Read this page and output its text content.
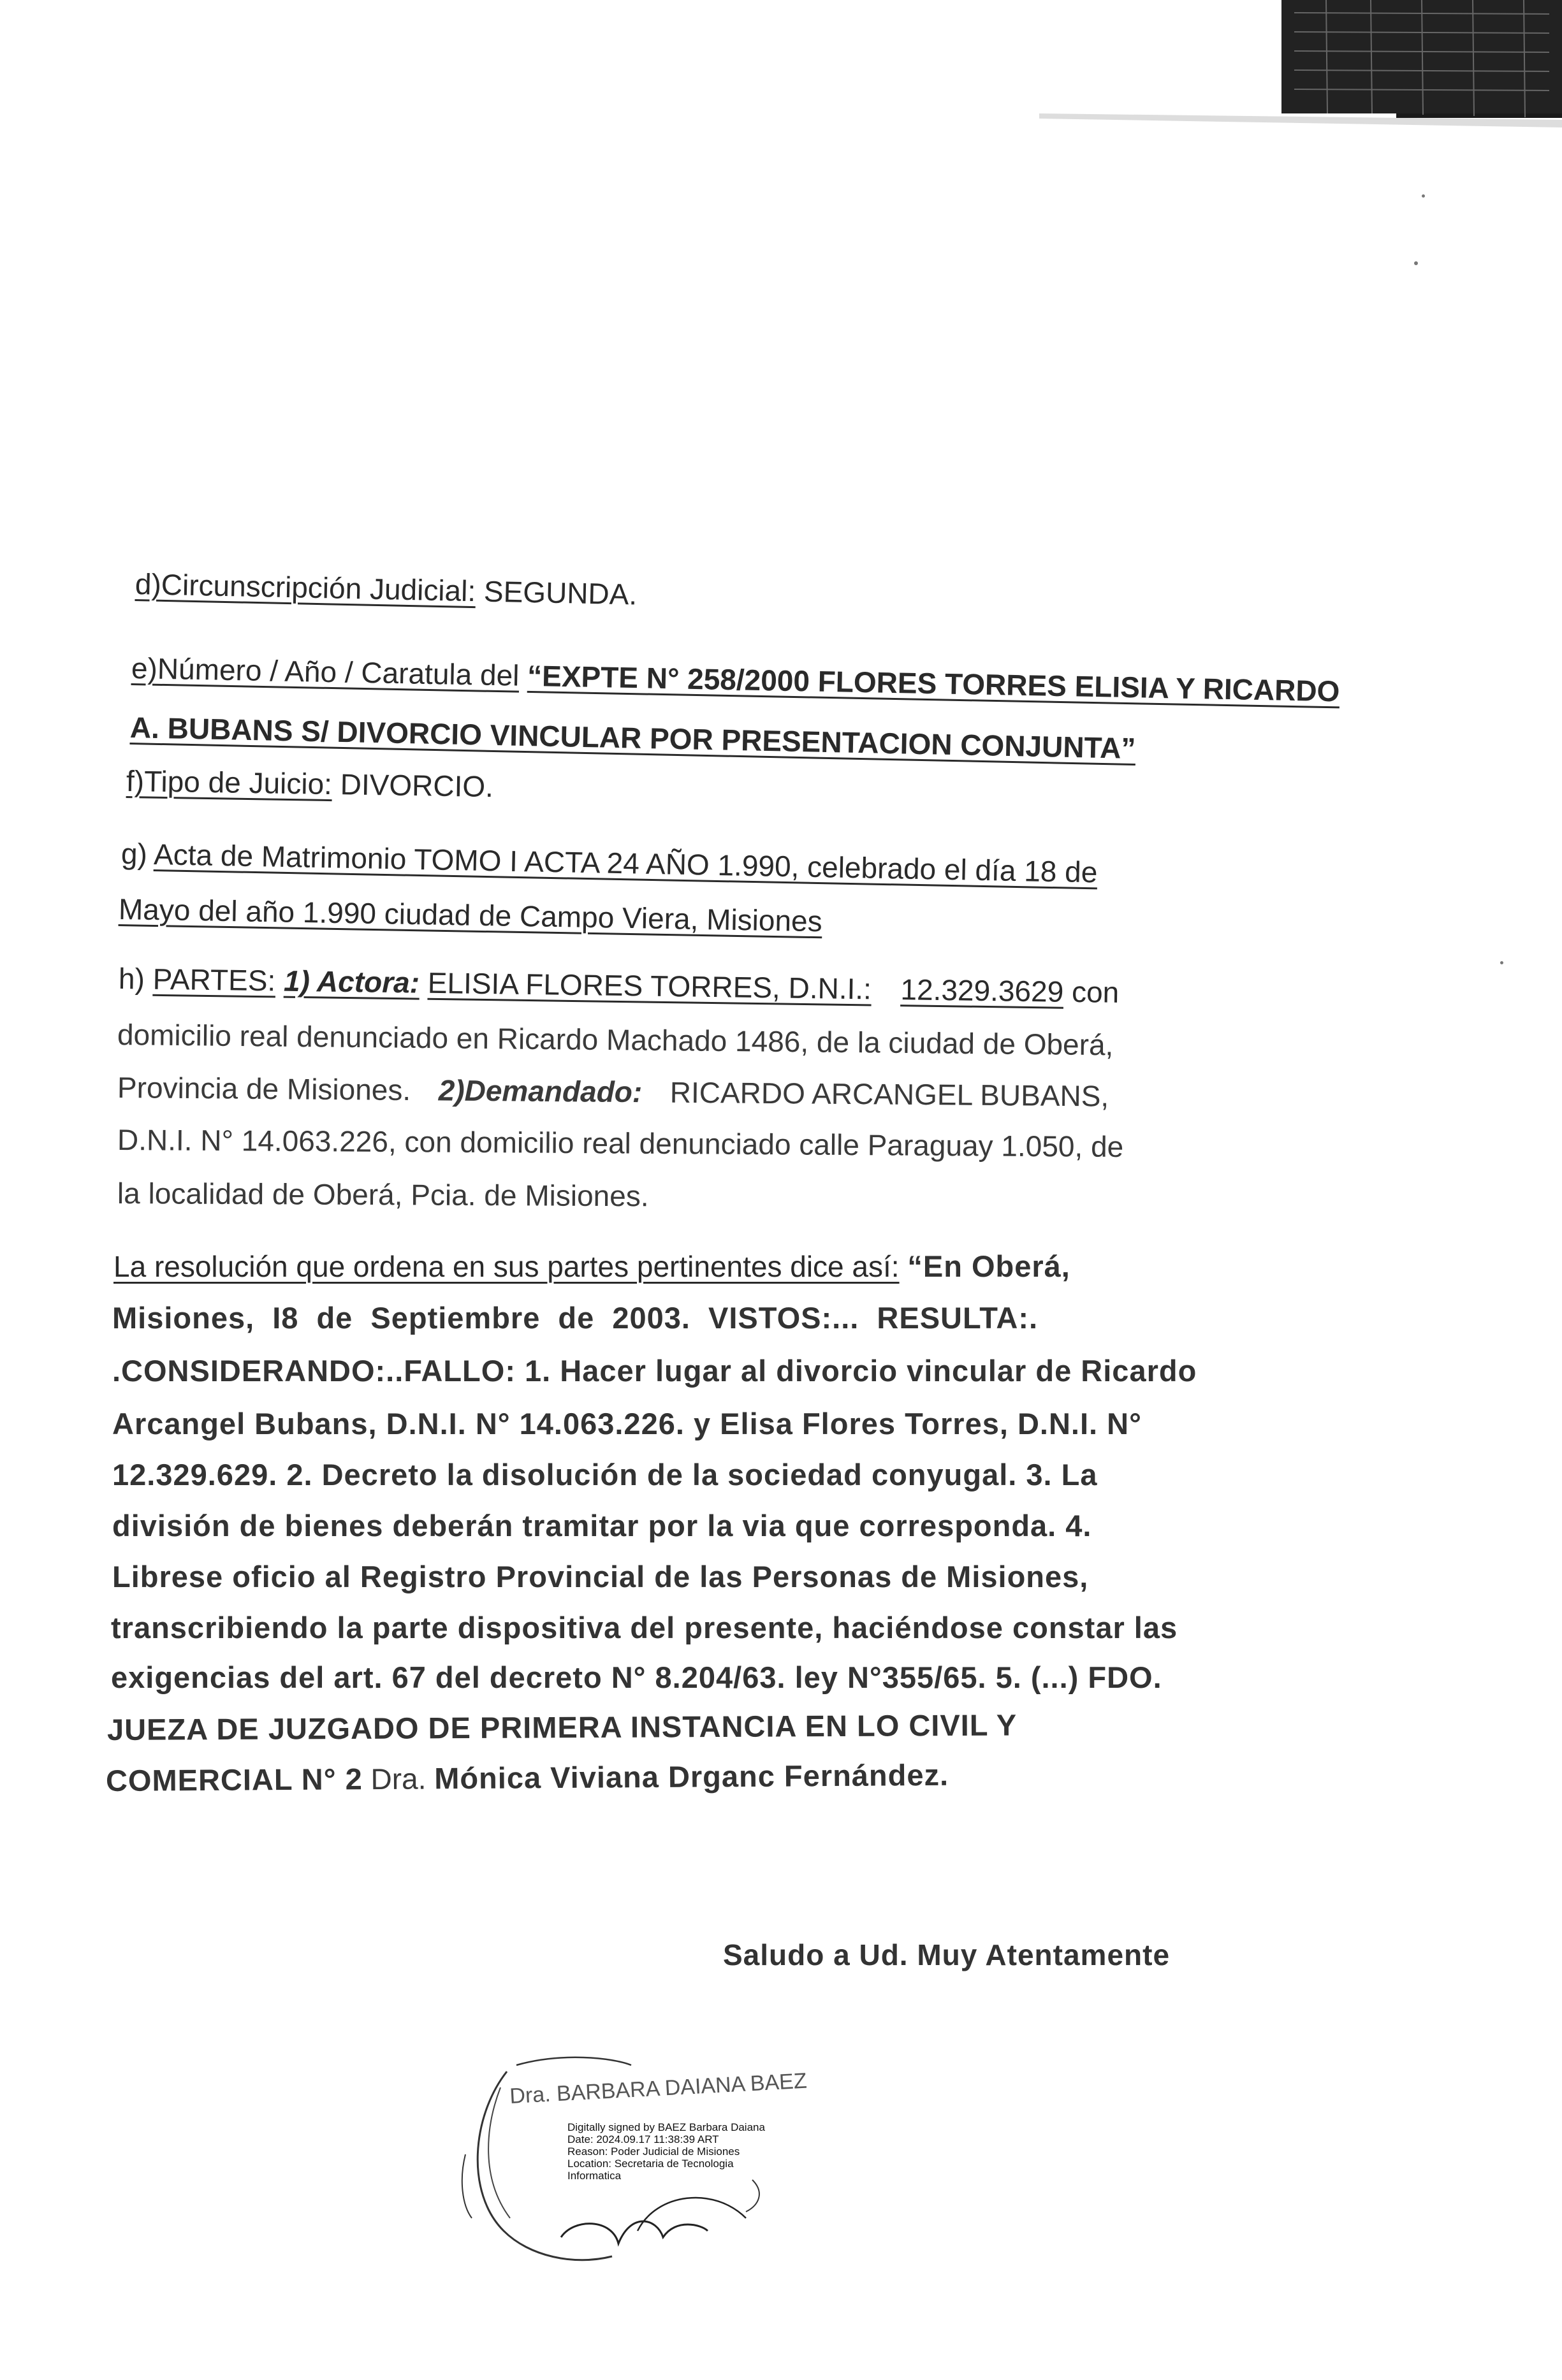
d)Circunscripción Judicial: SEGUNDA.
e)Número / Año / Caratula del “EXPTE N° 258/2000 FLORES TORRES ELISIA Y RICARDO
A. BUBANS S/ DIVORCIO VINCULAR POR PRESENTACION CONJUNTA”
f)Tipo de Juicio: DIVORCIO.
g) Acta de Matrimonio TOMO I ACTA 24 AÑO 1.990, celebrado el día 18 de
Mayo del año 1.990 ciudad de Campo Viera, Misiones
h) PARTES: 1) Actora: ELISIA FLORES TORRES, D.N.I.: 12.329.3629 con
domicilio real denunciado en Ricardo Machado 1486, de la ciudad de Oberá,
Provincia de Misiones. 2)Demandado: RICARDO ARCANGEL BUBANS,
D.N.I. N° 14.063.226, con domicilio real denunciado calle Paraguay 1.050, de
la localidad de Oberá, Pcia. de Misiones.
La resolución que ordena en sus partes pertinentes dice así: “En Oberá,
Misiones, I8 de Septiembre de 2003. VISTOS:... RESULTA:.
.CONSIDERANDO:..FALLO: 1. Hacer lugar al divorcio vincular de Ricardo
Arcangel Bubans, D.N.I. N° 14.063.226. y Elisa Flores Torres, D.N.I. N°
12.329.629. 2. Decreto la disolución de la sociedad conyugal. 3. La
división de bienes deberán tramitar por la via que corresponda. 4.
Librese oficio al Registro Provincial de las Personas de Misiones,
transcribiendo la parte dispositiva del presente, haciéndose constar las
exigencias del art. 67 del decreto N° 8.204/63. ley N°355/65. 5. (...) FDO.
JUEZA DE JUZGADO DE PRIMERA INSTANCIA EN LO CIVIL Y
COMERCIAL N° 2 Dra. Mónica Viviana Drganc Fernández.
Saludo a Ud. Muy Atentamente
Dra. BARBARA DAIANA BAEZ
Digitally signed by BAEZ Barbara Daiana
Date: 2024.09.17 11:38:39 ART
Reason: Poder Judicial de Misiones
Location: Secretaria de Tecnologia
Informatica
